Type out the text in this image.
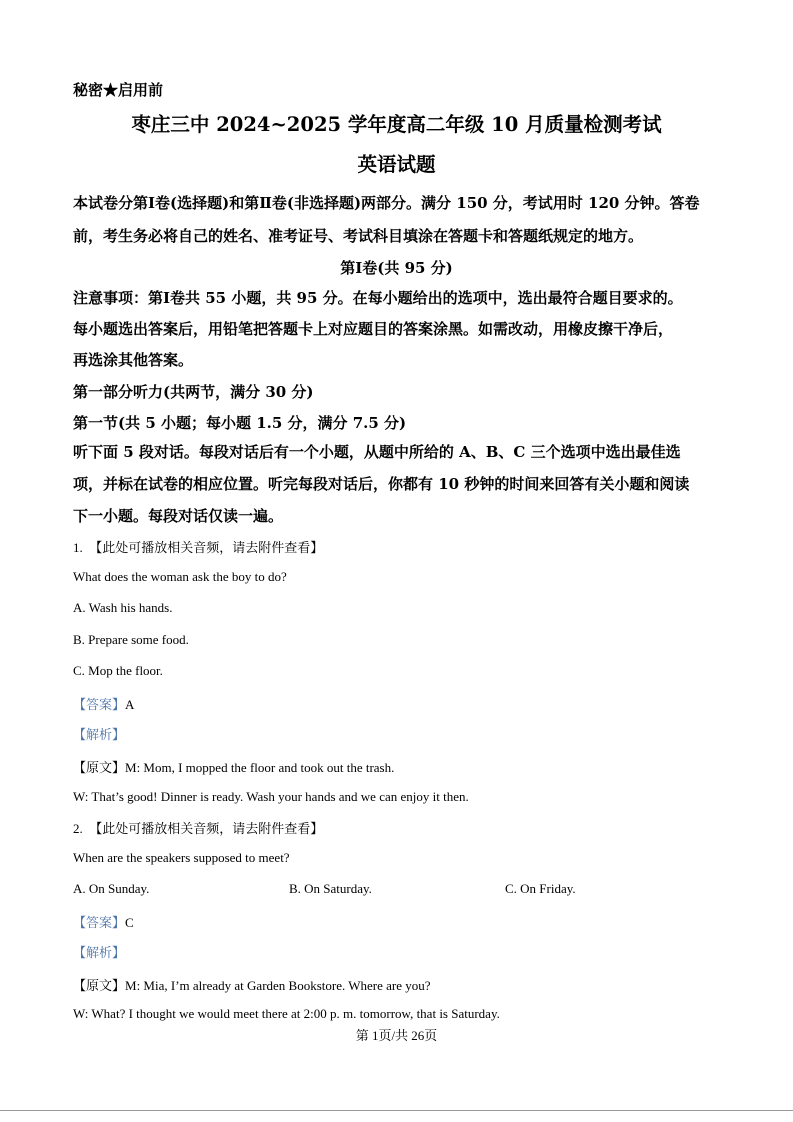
秘密★启用前
枣庄三中 2024~2025 学年度高二年级 10 月质量检测考试
英语试题
本试卷分第Ⅰ卷(选择题)和第Ⅱ卷(非选择题)两部分。满分 150 分，考试用时 120 分钟。答卷
前，考生务必将自己的姓名、准考证号、考试科目填涂在答题卡和答题纸规定的地方。
第Ⅰ卷(共 95 分)
注意事项：第Ⅰ卷共 55 小题，共 95 分。在每小题给出的选项中，选出最符合题目要求的。
每小题选出答案后，用铅笔把答题卡上对应题目的答案涂黑。如需改动，用橡皮擦干净后，
再选涂其他答案。
第一部分听力(共两节，满分 30 分)
第一节(共 5 小题；每小题 1.5 分，满分 7.5 分)
听下面 5 段对话。每段对话后有一个小题，从题中所给的 A、B、C 三个选项中选出最佳选
项，并标在试卷的相应位置。听完每段对话后，你都有 10 秒钟的时间来回答有关小题和阅读
下一小题。每段对话仅读一遍。
1. 【此处可播放相关音频，请去附件查看】
What does the woman ask the boy to do?
A. Wash his hands.
B. Prepare some food.
C. Mop the floor.
【答案】A
【解析】
【原文】M: Mom, I mopped the floor and took out the trash.
W: That’s good! Dinner is ready. Wash your hands and we can enjoy it then.
2. 【此处可播放相关音频，请去附件查看】
When are the speakers supposed to meet?
A. On Sunday.	B. On Saturday.	C. On Friday.
【答案】C
【解析】
【原文】M: Mia, I’m already at Garden Bookstore. Where are you?
W: What? I thought we would meet there at 2:00 p. m. tomorrow, that is Saturday.
第 1页/共 26页
